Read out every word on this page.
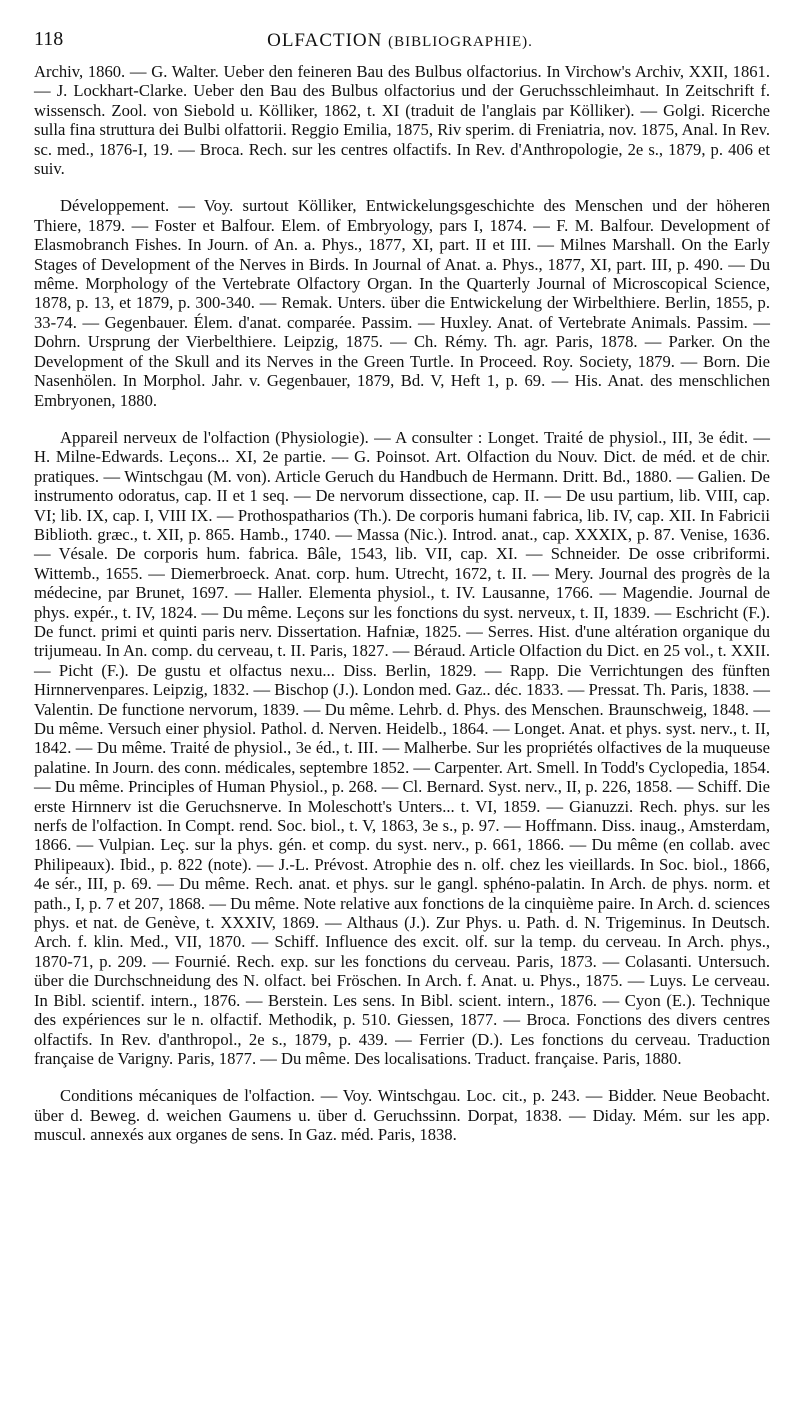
118	OLFACTION (BIBLIOGRAPHIE).

Archiv, 1860. — G. Walter. Ueber den feineren Bau des Bulbus olfactorius. In Virchow's Archiv, XXII, 1861. — J. Lockhart-Clarke. Ueber den Bau des Bulbus olfactorius und der Geruchsschleimhaut. In Zeitschrift f. wissensch. Zool. von Siebold u. Kölliker, 1862, t. XI (traduit de l'anglais par Kölliker). — Golgi. Ricerche sulla fina struttura dei Bulbi olfattorii. Reggio Emilia, 1875, Riv sperim. di Freniatria, nov. 1875, Anal. In Rev. sc. med., 1876-I, 19. — Broca. Rech. sur les centres olfactifs. In Rev. d'Anthropologie, 2e s., 1879, p. 406 et suiv.

Développement. — Voy. surtout Kölliker, Entwickelungsgeschichte des Menschen und der höheren Thiere, 1879. — Foster et Balfour. Elem. of Embryology, pars I, 1874. — F. M. Balfour. Development of Elasmobranch Fishes. In Journ. of An. a. Phys., 1877, XI, part. II et III. — Milnes Marshall. On the Early Stages of Development of the Nerves in Birds. In Journal of Anat. a. Phys., 1877, XI, part. III, p. 490. — Du même. Morphology of the Vertebrate Olfactory Organ. In the Quarterly Journal of Microscopical Science, 1878, p. 13, et 1879, p. 300-340. — Remak. Unters. über die Entwickelung der Wirbelthiere. Berlin, 1855, p. 33-74. — Gegenbauer. Élem. d'anat. comparée. Passim. — Huxley. Anat. of Vertebrate Animals. Passim. — Dohrn. Ursprung der Vierbelthiere. Leipzig, 1875. — Ch. Rémy. Th. agr. Paris, 1878. — Parker. On the Development of the Skull and its Nerves in the Green Turtle. In Proceed. Roy. Society, 1879. — Born. Die Nasenhölen. In Morphol. Jahr. v. Gegenbauer, 1879, Bd. V, Heft 1, p. 69. — His. Anat. des menschlichen Embryonen, 1880.

Appareil nerveux de l'olfaction (Physiologie). — A consulter : Longet. Traité de physiol., III, 3e édit. — H. Milne-Edwards. Leçons... XI, 2e partie. — G. Poinsot. Art. Olfaction du Nouv. Dict. de méd. et de chir. pratiques. — Wintschgau (M. von). Article Geruch du Handbuch de Hermann. Dritt. Bd., 1880. — Galien. De instrumento odoratus, cap. II et 1 seq. — De nervorum dissectione, cap. II. — De usu partium, lib. VIII, cap. VI; lib. IX, cap. I, VIII IX. — Prothospatharios (Th.). De corporis humani fabrica, lib. IV, cap. XII. In Fabricii Biblioth. græc., t. XII, p. 865. Hamb., 1740. — Massa (Nic.). Introd. anat., cap. XXXIX, p. 87. Venise, 1636. — Vésale. De corporis hum. fabrica. Bâle, 1543, lib. VII, cap. XI. — Schneider. De osse cribriformi. Wittemb., 1655. — Diemerbroeck. Anat. corp. hum. Utrecht, 1672, t. II. — Mery. Journal des progrès de la médecine, par Brunet, 1697. — Haller. Elementa physiol., t. IV. Lausanne, 1766. — Magendie. Journal de phys. expér., t. IV, 1824. — Du même. Leçons sur les fonctions du syst. nerveux, t. II, 1839. — Eschricht (F.). De funct. primi et quinti paris nerv. Dissertation. Hafniæ, 1825. — Serres. Hist. d'une altération organique du trijumeau. In An. comp. du cerveau, t. II. Paris, 1827. — Béraud. Article Olfaction du Dict. en 25 vol., t. XXII. — Picht (F.). De gustu et olfactus nexu... Diss. Berlin, 1829. — Rapp. Die Verrichtungen des fünften Hirnnervenpares. Leipzig, 1832. — Bischop (J.). London med. Gaz.. déc. 1833. — Pressat. Th. Paris, 1838. — Valentin. De functione nervorum, 1839. — Du même. Lehrb. d. Phys. des Menschen. Braunschweig, 1848. — Du même. Versuch einer physiol. Pathol. d. Nerven. Heidelb., 1864. — Longet. Anat. et phys. syst. nerv., t. II, 1842. — Du même. Traité de physiol., 3e éd., t. III. — Malherbe. Sur les propriétés olfactives de la muqueuse palatine. In Journ. des conn. médicales, septembre 1852. — Carpenter. Art. Smell. In Todd's Cyclopedia, 1854. — Du même. Principles of Human Physiol., p. 268. — Cl. Bernard. Syst. nerv., II, p. 226, 1858. — Schiff. Die erste Hirnnerv ist die Geruchsnerve. In Moleschott's Unters... t. VI, 1859. — Gianuzzi. Rech. phys. sur les nerfs de l'olfaction. In Compt. rend. Soc. biol., t. V, 1863, 3e s., p. 97. — Hoffmann. Diss. inaug., Amsterdam, 1866. — Vulpian. Leç. sur la phys. gén. et comp. du syst. nerv., p. 661, 1866. — Du même (en collab. avec Philipeaux). Ibid., p. 822 (note). — J.-L. Prévost. Atrophie des n. olf. chez les vieillards. In Soc. biol., 1866, 4e sér., III, p. 69. — Du même. Rech. anat. et phys. sur le gangl. sphéno-palatin. In Arch. de phys. norm. et path., I, p. 7 et 207, 1868. — Du même. Note relative aux fonctions de la cinquième paire. In Arch. d. sciences phys. et nat. de Genève, t. XXXIV, 1869. — Althaus (J.). Zur Phys. u. Path. d. N. Trigeminus. In Deutsch. Arch. f. klin. Med., VII, 1870. — Schiff. Influence des excit. olf. sur la temp. du cerveau. In Arch. phys., 1870-71, p. 209. — Fournié. Rech. exp. sur les fonctions du cerveau. Paris, 1873. — Colasanti. Untersuch. über die Durchschneidung des N. olfact. bei Fröschen. In Arch. f. Anat. u. Phys., 1875. — Luys. Le cerveau. In Bibl. scientif. intern., 1876. — Berstein. Les sens. In Bibl. scient. intern., 1876. — Cyon (E.). Technique des expériences sur le n. olfactif. Methodik, p. 510. Giessen, 1877. — Broca. Fonctions des divers centres olfactifs. In Rev. d'anthropol., 2e s., 1879, p. 439. — Ferrier (D.). Les fonctions du cerveau. Traduction française de Varigny. Paris, 1877. — Du même. Des localisations. Traduct. française. Paris, 1880.

Conditions mécaniques de l'olfaction. — Voy. Wintschgau. Loc. cit., p. 243. — Bidder. Neue Beobacht. über d. Beweg. d. weichen Gaumens u. über d. Geruchssinn. Dorpat, 1838. — Diday. Mém. sur les app. muscul. annexés aux organes de sens. In Gaz. méd. Paris, 1838.
